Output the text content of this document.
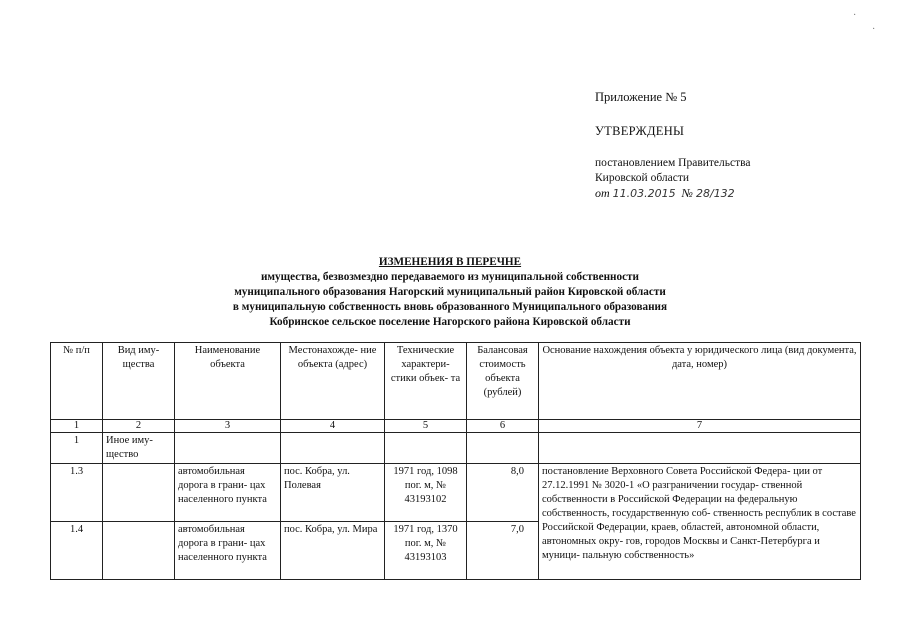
·
·
Приложение № 5
УТВЕРЖДЕНЫ
постановлением Правительства
Кировской области
от 11.03.2015 № 28/132
ИЗМЕНЕНИЯ В ПЕРЕЧНЕ
имущества, безвозмездно передаваемого из муниципальной собственности
муниципального образования Нагорский муниципальный район Кировской области
в муниципальную собственность вновь образованного Муниципального образования
Кобринское сельское поселение Нагорского района Кировской области
№ п/п	Вид иму- щества	Наименование объекта	Местонахожде- ние объекта (адрес)	Технические характери- стики объек- та	Балансовая стоимость объекта (рублей)	Основание нахождения объекта у юридического лица (вид документа, дата, номер)
1	2	3	4	5	6	7
1	Иное иму- щество					
1.3		автомобильная дорога в грани- цах населенного пункта	пос. Кобра, ул. Полевая	1971 год, 1098 пог. м, № 43193102	8,0	постановление Верховного Совета Российской Федера- ции от 27.12.1991 № 3020-1 «О разграничении государ- ственной собственности в Российской Федерации на федеральную собственность, государственную соб- ственность республик в составе Российской Федерации, краев, областей, автономной области, автономных окру- гов, городов Москвы и Санкт-Петербурга и муници- пальную собственность»
1.4		автомобильная дорога в грани- цах населенного пункта	пос. Кобра, ул. Мира	1971 год, 1370 пог. м, № 43193103	7,0	
